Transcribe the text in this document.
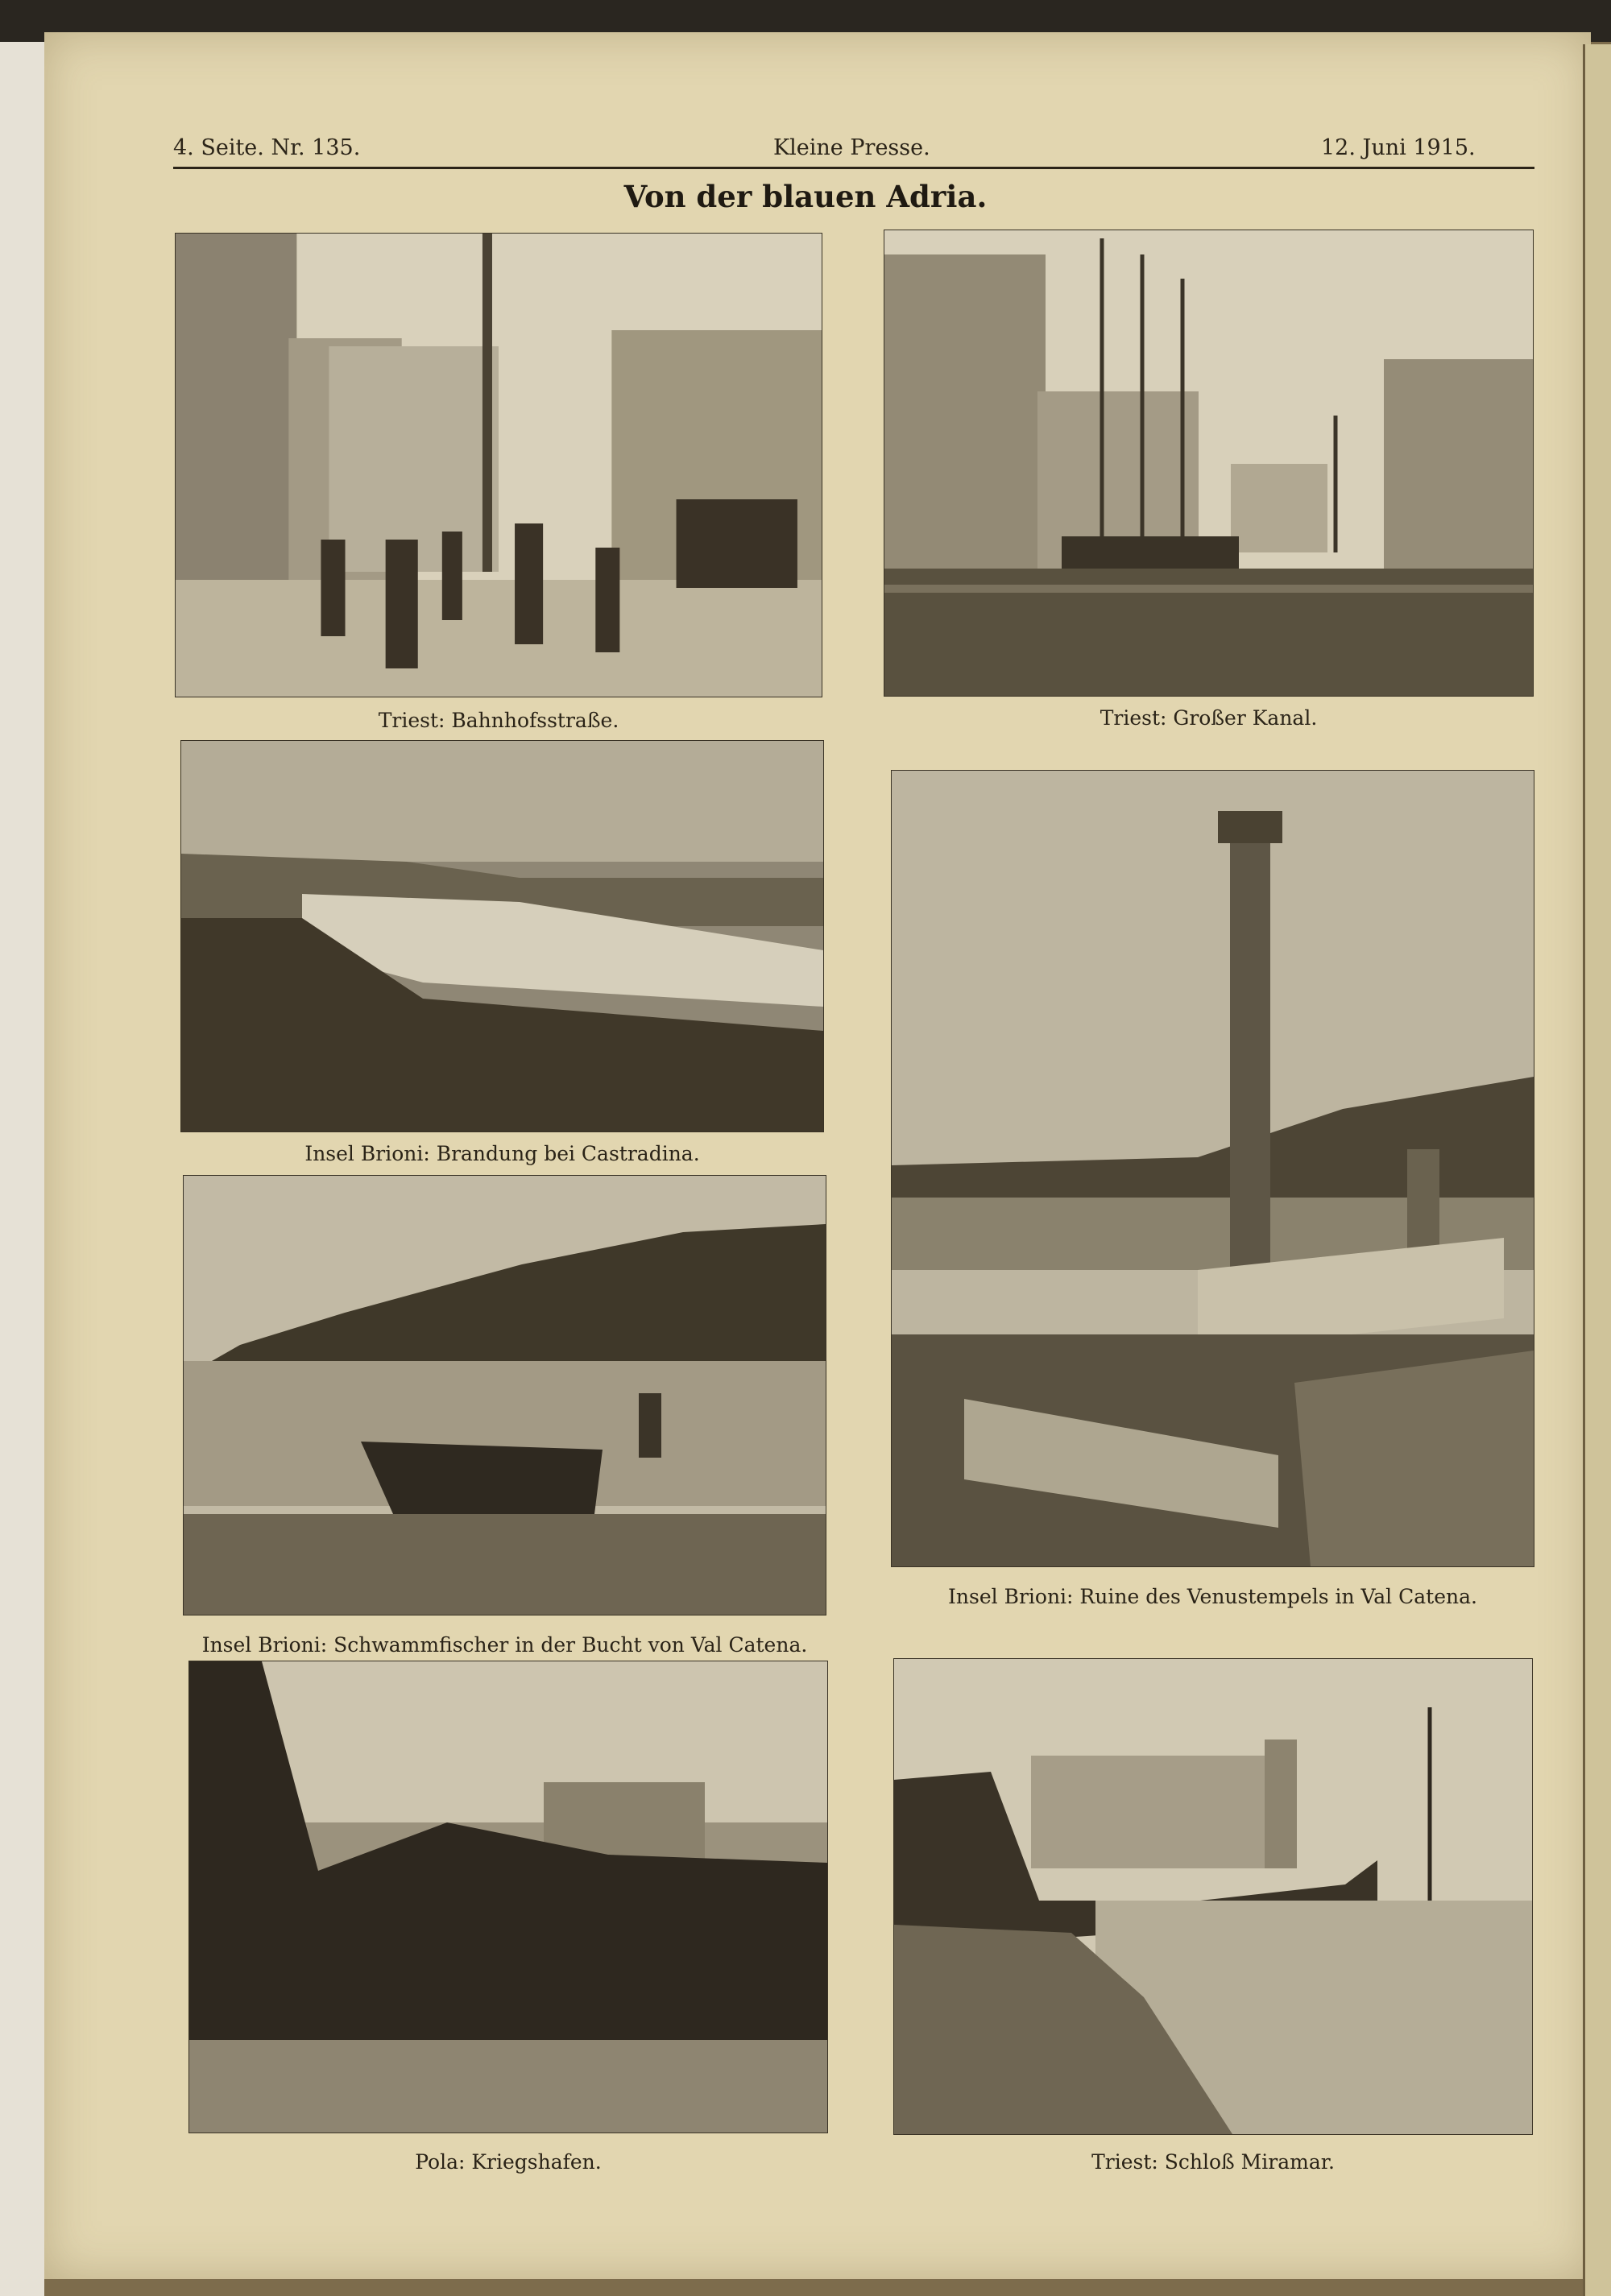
4. Seite. Nr. 135.	Kleine Presse.	12. Juni 1915.
Von der blauen Adria.
Triest: Bahnhofsstraße.	Triest: Großer Kanal.
Insel Brioni: Brandung bei Castradina.
Insel Brioni: Ruine des Venustempels in Val Catena.
Insel Brioni: Schwammfischer in der Bucht von Val Catena.
Pola: Kriegshafen.	Triest: Schloß Miramar.
